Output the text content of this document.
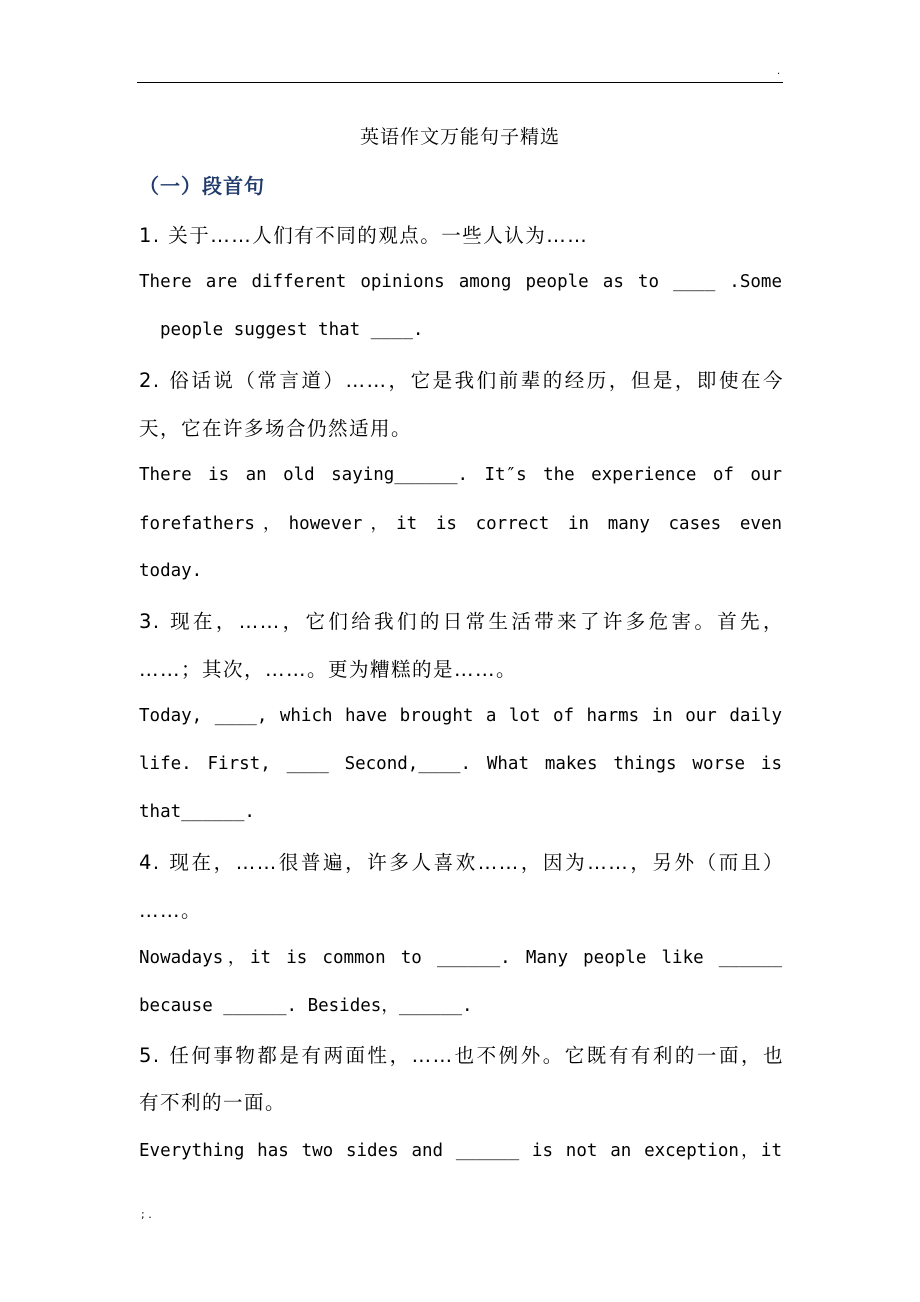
.
英语作文万能句子精选
（一）段首句
1. 关于……人们有不同的观点。一些人认为……
There are different opinions among people as to ____ .Some
people suggest that ____.
2. 俗话说（常言道）……，它是我们前辈的经历，但是，即使在今
天，它在许多场合仍然适用。
There is an old saying______. It″s the experience of our
forefathers，however，it is correct in many cases even
today.
3. 现在，……，它们给我们的日常生活带来了许多危害。首先，
……；其次，……。更为糟糕的是……。
Today, ____, which have brought a lot of harms in our daily
life. First, ____ Second,____. What makes things worse is
that______.
4. 现在，……很普遍，许多人喜欢……，因为……，另外（而且）
……。
Nowadays，it is common to ______. Many people like ______
because ______. Besides，______.
5. 任何事物都是有两面性，……也不例外。它既有有利的一面，也
有不利的一面。
Everything has two sides and ______ is not an exception，it
; .
